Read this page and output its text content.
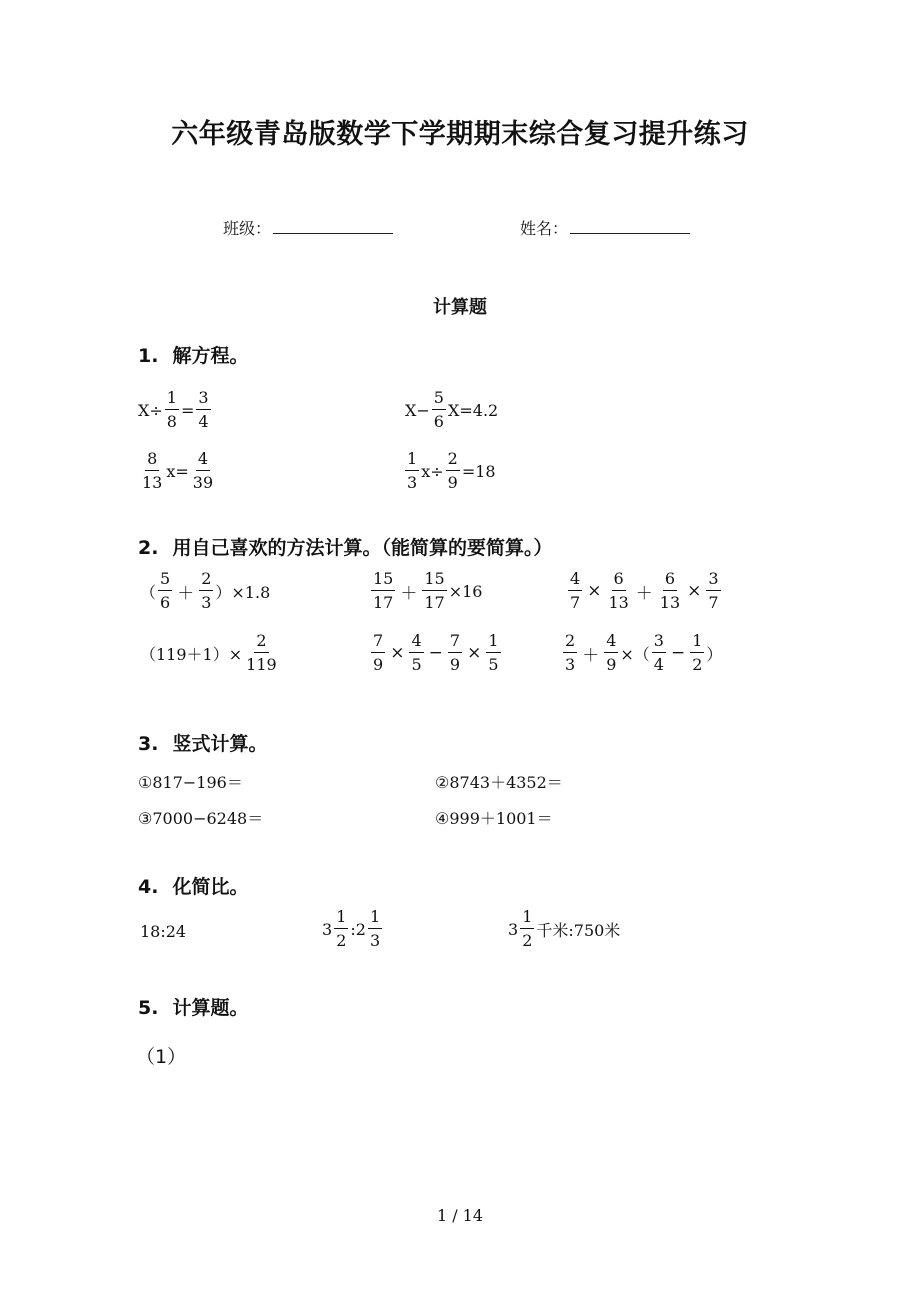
六年级青岛版数学下学期期末综合复习提升练习
班级：	姓名：
计算题
1. 解方程。
$X\div \frac{1}{8} = \frac{3}{4}$	$X- \frac{5}{6} X=4.2$
$\frac{8}{13} x= \frac{4}{39}$	$\frac{1}{3} x\div \frac{2}{9} =18$
2. 用自己喜欢的方法计算。（能简算的要简算。）
（ $\frac{5}{6} + \frac{2}{3} )\times 1.8$	$\frac{15}{17} + \frac{15}{17} \times 16$	$\frac{4}{7} \times \frac{6}{13} + \frac{6}{13} \times \frac{3}{7}$
$(119+1)\times \frac{2}{119}$	$\frac{7}{9} \times \frac{4}{5} - \frac{7}{9} \times \frac{1}{5}$	$\frac{2}{3} + \frac{4}{9}$ ×（ $\frac{3}{4} - \frac{1}{2}$ ）
3. 竖式计算。
①817−196＝	②8743＋4352＝
③7000−6248＝	④999＋1001＝
4. 化简比。
18:24	$3 \frac{1}{2}$ :2 $\frac{1}{3}$	$3 \frac{1}{2}$ 千米:750米
5. 计算题。
（1）
1 / 14
